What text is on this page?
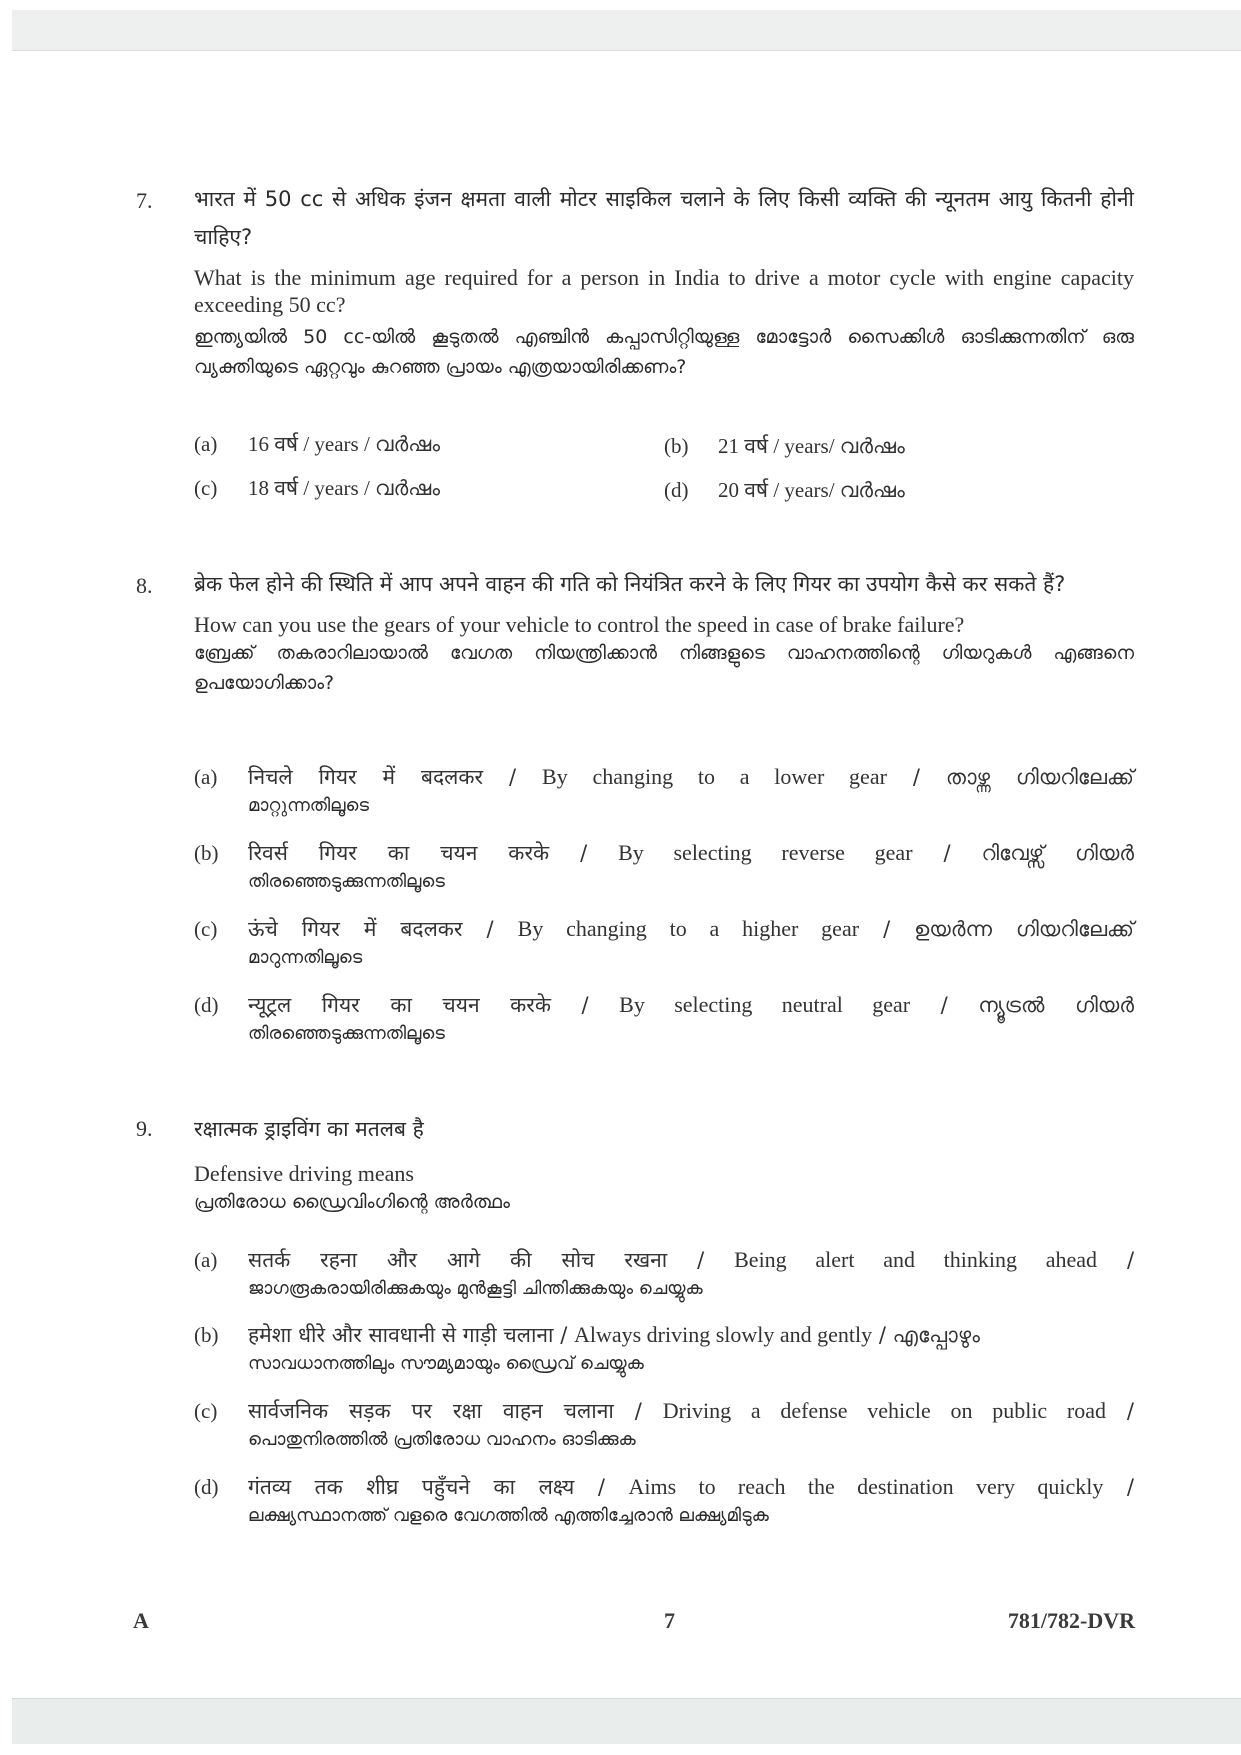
7. भारत में 50 cc से अधिक इंजन क्षमता वाली मोटर साइकिल चलाने के लिए किसी व्यक्ति की न्यूनतम आयु कितनी होनी चाहिए?
What is the minimum age required for a person in India to drive a motor cycle with engine capacity exceeding 50 cc?
ഇന്ത്യയിൽ 50 cc-യിൽ കൂടുതൽ എഞ്ചിൻ കപ്പാസിറ്റിയുള്ള മോട്ടോർ സൈക്കിൾ ഓടിക്കുന്നതിന് ഒരു വ്യക്തിയുടെ ഏറ്റവും കുറഞ്ഞ പ്രായം എത്രയായിരിക്കണം?
(a) 16 वर्ष / years / വർഷം	(b) 21 वर्ष / years/ വർഷം
(c) 18 वर्ष / years / വർഷം	(d) 20 वर्ष / years/ വർഷം
8. ब्रेक फेल होने की स्थिति में आप अपने वाहन की गति को नियंत्रित करने के लिए गियर का उपयोग कैसे कर सकते हैं?
How can you use the gears of your vehicle to control the speed in case of brake failure?
ബ്രേക്ക് തകരാറിലായാൽ വേഗത നിയന്ത്രിക്കാൻ നിങ്ങളുടെ വാഹനത്തിന്റെ ഗിയറുകൾ എങ്ങനെ ഉപയോഗിക്കാം?
(a)	निचले गियर में बदलकर / By changing to a lower gear / താഴ്ന്ന ഗിയറിലേക്ക്
മാറ്റുന്നതിലൂടെ
(b)	रिवर्स गियर का चयन करके / By selecting reverse gear / റിവേഴ്സ് ഗിയർ
തിരഞ്ഞെടുക്കുന്നതിലൂടെ
(c)	ऊंचे गियर में बदलकर / By changing to a higher gear / ഉയർന്ന ഗിയറിലേക്ക്
മാറുന്നതിലൂടെ
(d)	न्यूट्रल गियर का चयन करके / By selecting neutral gear / ന്യൂട്രൽ ഗിയർ
തിരഞ്ഞെടുക്കുന്നതിലൂടെ
9. रक्षात्मक ड्राइविंग का मतलब है
Defensive driving means
പ്രതിരോധ ഡ്രൈവിംഗിന്റെ അർത്ഥം
(a)	सतर्क रहना और आगे की सोच रखना / Being alert and thinking ahead /
ജാഗരൂകരായിരിക്കുകയും മുൻകൂട്ടി ചിന്തിക്കുകയും ചെയ്യുക
(b)	हमेशा धीरे और सावधानी से गाड़ी चलाना / Always driving slowly and gently / എപ്പോഴും
സാവധാനത്തിലും സൗമ്യമായും ഡ്രൈവ് ചെയ്യുക
(c)	सार्वजनिक सड़क पर रक्षा वाहन चलाना / Driving a defense vehicle on public road /
പൊതുനിരത്തിൽ പ്രതിരോധ വാഹനം ഓടിക്കുക
(d)	गंतव्य तक शीघ्र पहुँचने का लक्ष्य / Aims to reach the destination very quickly /
ലക്ഷ്യസ്ഥാനത്ത് വളരെ വേഗത്തിൽ എത്തിച്ചേരാൻ ലക്ഷ്യമിടുക
A	7	781/782-DVR
